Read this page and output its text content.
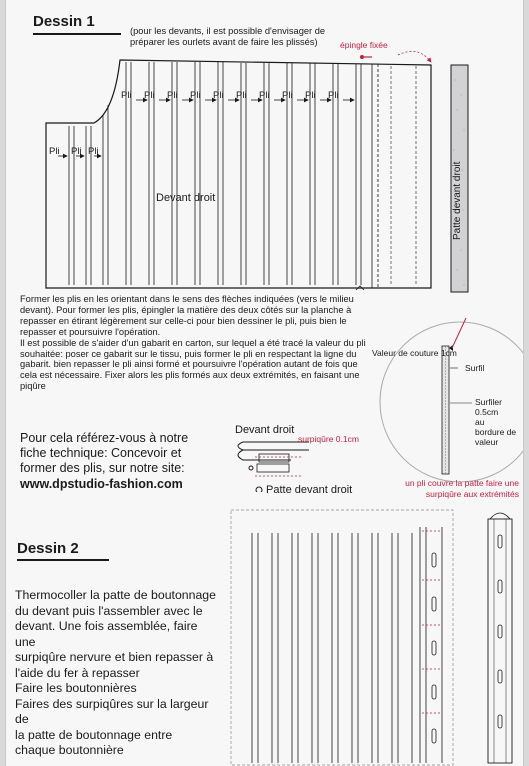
Dessin 1
(pour les devants, il est possible d'envisager de préparer les ourlets avant de faire les plissés)
Pli Pli Pli Pli Pli Pli Pli Pli Pli Pli
Pli Pli Pli
Devant droit
épingle fixée
Patte devant droit
Former les plis en les orientant dans le sens des flèches indiquées (vers le milieu devant). Pour former les plis, épingler la matière des deux côtés sur la planche à repasser en étirant légèrement sur celle-ci pour bien dessiner le pli, puis bien le repasser et poursuivre l'opération.
Il est possible de s'aider d'un gabarit en carton, sur lequel a été tracé la valeur du pli souhaitée: poser ce gabarit sur le tissu, puis former le pli en respectant la ligne du gabarit. bien repasser le pli ainsi formé et poursuivre l'opération autant de fois que cela est nécessaire. Fixer alors les plis formés aux deux extrémités, en faisant une piqûre
Valeur de couture 1cm
Surfil
Surfiler 0.5cm
au
bordure de
valeur
Pour cela référez-vous à notre
fiche technique: Concevoir et
former des plis, sur notre site:
www.dpstudio-fashion.com
Devant droit
surpiqûre 0.1cm
Patte devant droit
un pli couvre la patte faire une
surpiqûre aux extrémités
Dessin 2
Thermocoller la patte de boutonnage
du devant puis l'assembler avec le
devant. Une fois assemblée, faire une
surpiqûre nervure et bien repasser à
l'aide du fer à repasser
Faire les boutonnières
Faires des surpiqûres sur la largeur de
la patte de boutonnage entre
chaque boutonnière
